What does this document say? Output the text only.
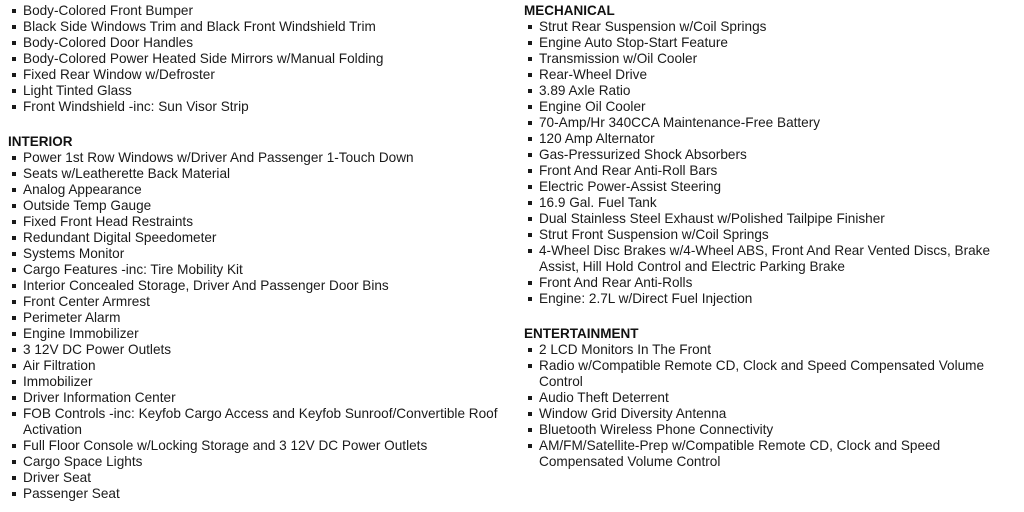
Body-Colored Front Bumper
Black Side Windows Trim and Black Front Windshield Trim
Body-Colored Door Handles
Body-Colored Power Heated Side Mirrors w/Manual Folding
Fixed Rear Window w/Defroster
Light Tinted Glass
Front Windshield -inc: Sun Visor Strip
INTERIOR
Power 1st Row Windows w/Driver And Passenger 1-Touch Down
Seats w/Leatherette Back Material
Analog Appearance
Outside Temp Gauge
Fixed Front Head Restraints
Redundant Digital Speedometer
Systems Monitor
Cargo Features -inc: Tire Mobility Kit
Interior Concealed Storage, Driver And Passenger Door Bins
Front Center Armrest
Perimeter Alarm
Engine Immobilizer
3 12V DC Power Outlets
Air Filtration
Immobilizer
Driver Information Center
FOB Controls -inc: Keyfob Cargo Access and Keyfob Sunroof/Convertible Roof Activation
Full Floor Console w/Locking Storage and 3 12V DC Power Outlets
Cargo Space Lights
Driver Seat
Passenger Seat
MECHANICAL
Strut Rear Suspension w/Coil Springs
Engine Auto Stop-Start Feature
Transmission w/Oil Cooler
Rear-Wheel Drive
3.89 Axle Ratio
Engine Oil Cooler
70-Amp/Hr 340CCA Maintenance-Free Battery
120 Amp Alternator
Gas-Pressurized Shock Absorbers
Front And Rear Anti-Roll Bars
Electric Power-Assist Steering
16.9 Gal. Fuel Tank
Dual Stainless Steel Exhaust w/Polished Tailpipe Finisher
Strut Front Suspension w/Coil Springs
4-Wheel Disc Brakes w/4-Wheel ABS, Front And Rear Vented Discs, Brake Assist, Hill Hold Control and Electric Parking Brake
Front And Rear Anti-Rolls
Engine: 2.7L w/Direct Fuel Injection
ENTERTAINMENT
2 LCD Monitors In The Front
Radio w/Compatible Remote CD, Clock and Speed Compensated Volume Control
Audio Theft Deterrent
Window Grid Diversity Antenna
Bluetooth Wireless Phone Connectivity
AM/FM/Satellite-Prep w/Compatible Remote CD, Clock and Speed Compensated Volume Control
